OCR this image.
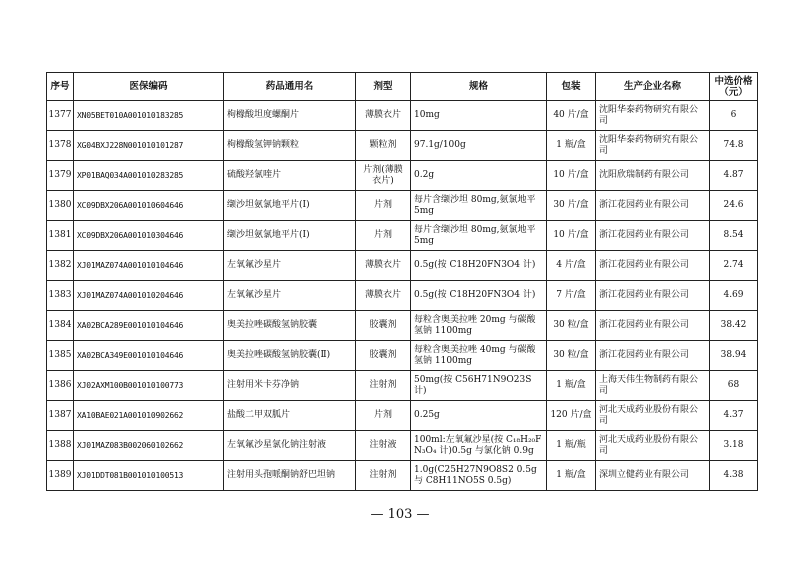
序号	医保编码	药品通用名	剂型	规格	包装	生产企业名称	中选价格（元）
1377	XN05BET010A001010183285	枸橼酸坦度螺酮片	薄膜衣片	10mg	40 片/盒	沈阳华泰药物研究有限公司	6
1378	XG04BXJ228N001010101287	枸橼酸氢钾钠颗粒	颗粒剂	97.1g/100g	1 瓶/盒	沈阳华泰药物研究有限公司	74.8
1379	XP01BAQ034A001010283285	硫酸羟氯喹片	片剂(薄膜衣片)	0.2g	10 片/盒	沈阳欣瑞制药有限公司	4.87
1380	XC09DBX206A001010604646	缬沙坦氨氯地平片(Ⅰ)	片剂	每片含缬沙坦 80mg,氨氯地平 5mg	30 片/盒	浙江花园药业有限公司	24.6
1381	XC09DBX206A001010304646	缬沙坦氨氯地平片(Ⅰ)	片剂	每片含缬沙坦 80mg,氨氯地平 5mg	10 片/盒	浙江花园药业有限公司	8.54
1382	XJ01MAZ074A001010104646	左氧氟沙星片	薄膜衣片	0.5g(按 C18H20FN3O4 计)	4 片/盒	浙江花园药业有限公司	2.74
1383	XJ01MAZ074A001010204646	左氧氟沙星片	薄膜衣片	0.5g(按 C18H20FN3O4 计)	7 片/盒	浙江花园药业有限公司	4.69
1384	XA02BCA289E001010104646	奥美拉唑碳酸氢钠胶囊	胶囊剂	每粒含奥美拉唑 20mg 与碳酸氢钠 1100mg	30 粒/盒	浙江花园药业有限公司	38.42
1385	XA02BCA349E001010104646	奥美拉唑碳酸氢钠胶囊(Ⅱ)	胶囊剂	每粒含奥美拉唑 40mg 与碳酸氢钠 1100mg	30 粒/盒	浙江花园药业有限公司	38.94
1386	XJ02AXM100B001010100773	注射用米卡芬净钠	注射剂	50mg(按 C56H71N9O23S 计)	1 瓶/盒	上海天伟生物制药有限公司	68
1387	XA10BAE021A001010902662	盐酸二甲双胍片	片剂	0.25g	120 片/盒	河北天成药业股份有限公司	4.37
1388	XJ01MAZ083B002060102662	左氧氟沙星氯化钠注射液	注射液	100ml:左氧氟沙星(按 C₁₈H₂₀FN₃O₄ 计)0.5g 与氯化钠 0.9g	1 瓶/瓶	河北天成药业股份有限公司	3.18
1389	XJ01DDT081B001010100513	注射用头孢哌酮钠舒巴坦钠	注射剂	1.0g(C25H27N9O8S2 0.5g 与 C8H11NO5S 0.5g)	1 瓶/盒	深圳立健药业有限公司	4.38
— 103 —
